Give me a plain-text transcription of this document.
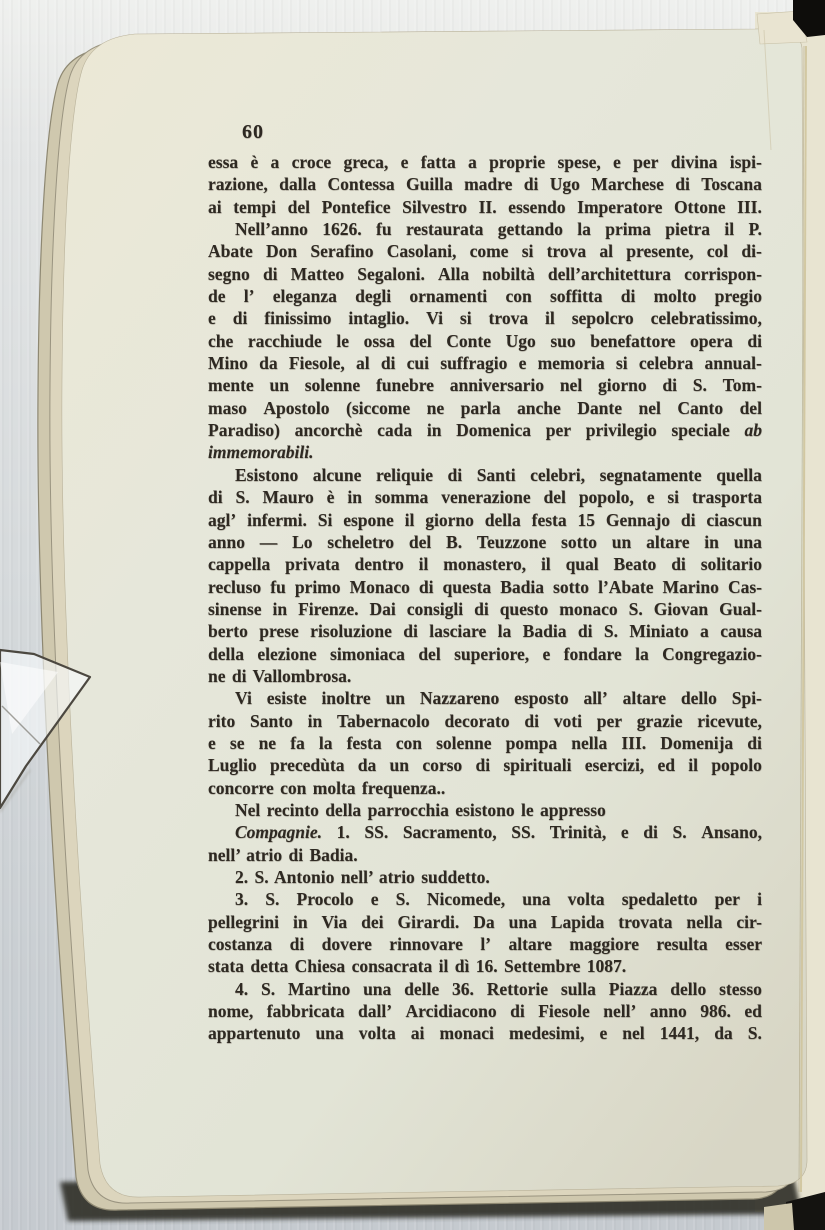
60
essa è a croce greca, e fatta a proprie spese, e per divina ispi-
razione, dalla Contessa Guilla madre di Ugo Marchese di Toscana
ai tempi del Pontefice Silvestro II. essendo Imperatore Ottone III.
Nell’anno 1626. fu restaurata gettando la prima pietra il P.
Abate Don Serafino Casolani, come si trova al presente, col di-
segno di Matteo Segaloni. Alla nobiltà dell’architettura corrispon-
de l’ eleganza degli ornamenti con soffitta di molto pregio
e di finissimo intaglio. Vi si trova il sepolcro celebratissimo,
che racchiude le ossa del Conte Ugo suo benefattore opera di
Mino da Fiesole, al di cui suffragio e memoria si celebra annual-
mente un solenne funebre anniversario nel giorno di S. Tom-
maso Apostolo (siccome ne parla anche Dante nel Canto del
Paradiso) ancorchè cada in Domenica per privilegio speciale ab
immemorabili.
Esistono alcune reliquie di Santi celebri, segnatamente quella
di S. Mauro è in somma venerazione del popolo, e si trasporta
agl’ infermi. Si espone il giorno della festa 15 Gennajo di ciascun
anno — Lo scheletro del B. Teuzzone sotto un altare in una
cappella privata dentro il monastero, il qual Beato di solitario
recluso fu primo Monaco di questa Badia sotto l’Abate Marino Cas-
sinense in Firenze. Dai consigli di questo monaco S. Giovan Gual-
berto prese risoluzione di lasciare la Badia di S. Miniato a causa
della elezione simoniaca del superiore, e fondare la Congregazio-
ne di Vallombrosa.
Vi esiste inoltre un Nazzareno esposto all’ altare dello Spi-
rito Santo in Tabernacolo decorato di voti per grazie ricevute,
e se ne fa la festa con solenne pompa nella III. Domenija di
Luglio precedùta da un corso di spirituali esercizi, ed il popolo
concorre con molta frequenza..
Nel recinto della parrocchia esistono le appresso
Compagnie. 1. SS. Sacramento, SS. Trinità, e di S. Ansano,
nell’ atrio di Badia.
2. S. Antonio nell’ atrio suddetto.
3. S. Procolo e S. Nicomede, una volta spedaletto per i
pellegrini in Via dei Girardi. Da una Lapida trovata nella cir-
costanza di dovere rinnovare l’ altare maggiore resulta esser
stata detta Chiesa consacrata il dì 16. Settembre 1087.
4. S. Martino una delle 36. Rettorie sulla Piazza dello stesso
nome, fabbricata dall’ Arcidiacono di Fiesole nell’ anno 986. ed
appartenuto una volta ai monaci medesimi, e nel 1441, da S.
